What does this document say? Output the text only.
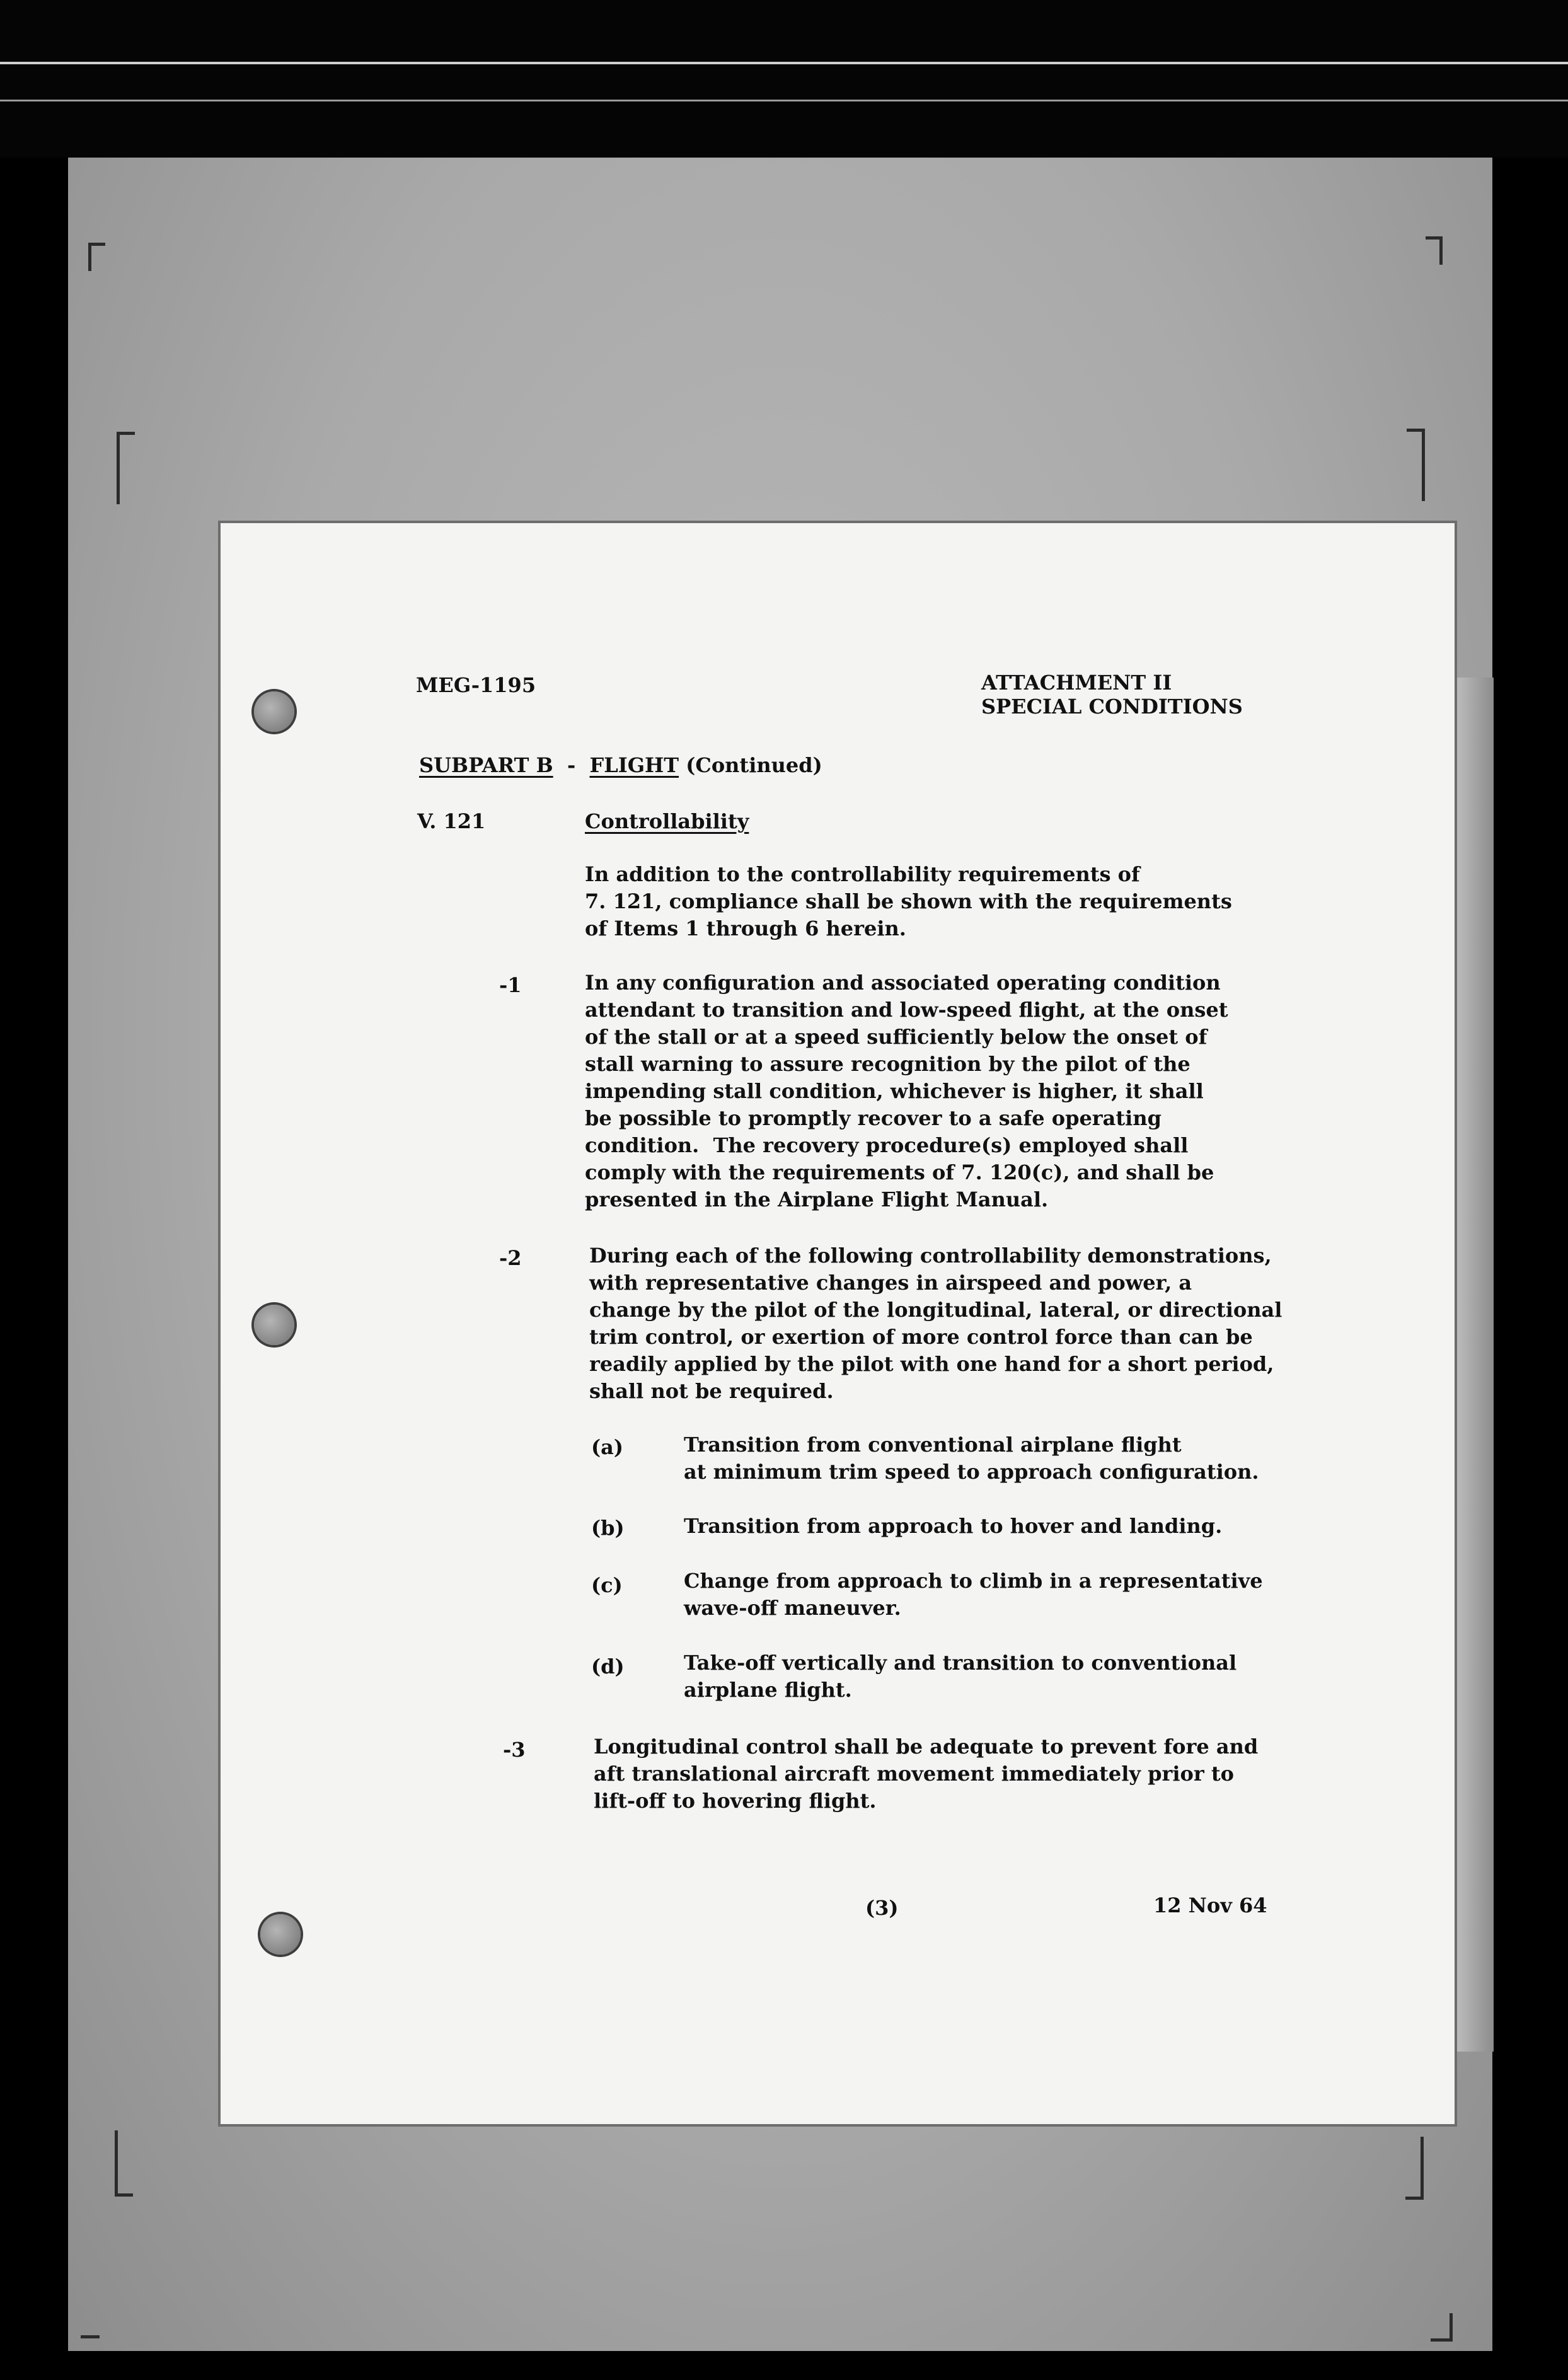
MEG-1195	ATTACHMENT II
SPECIAL CONDITIONS
SUBPART B - FLIGHT (Continued)
V. 121	Controllability
In addition to the controllability requirements of
7. 121, compliance shall be shown with the requirements
of Items 1 through 6 herein.
-1	In any configuration and associated operating condition
attendant to transition and low-speed flight, at the onset
of the stall or at a speed sufficiently below the onset of
stall warning to assure recognition by the pilot of the
impending stall condition, whichever is higher, it shall
be possible to promptly recover to a safe operating
condition.  The recovery procedure(s) employed shall
comply with the requirements of 7. 120(c), and shall be
presented in the Airplane Flight Manual.
-2	During each of the following controllability demonstrations,
with representative changes in airspeed and power, a
change by the pilot of the longitudinal, lateral, or directional
trim control, or exertion of more control force than can be
readily applied by the pilot with one hand for a short period,
shall not be required.
(a)	Transition from conventional airplane flight
at minimum trim speed to approach configuration.
(b)	Transition from approach to hover and landing.
(c)	Change from approach to climb in a representative
wave-off maneuver.
(d)	Take-off vertically and transition to conventional
airplane flight.
-3	Longitudinal control shall be adequate to prevent fore and
aft translational aircraft movement immediately prior to
lift-off to hovering flight.
(3)	12 Nov 64
